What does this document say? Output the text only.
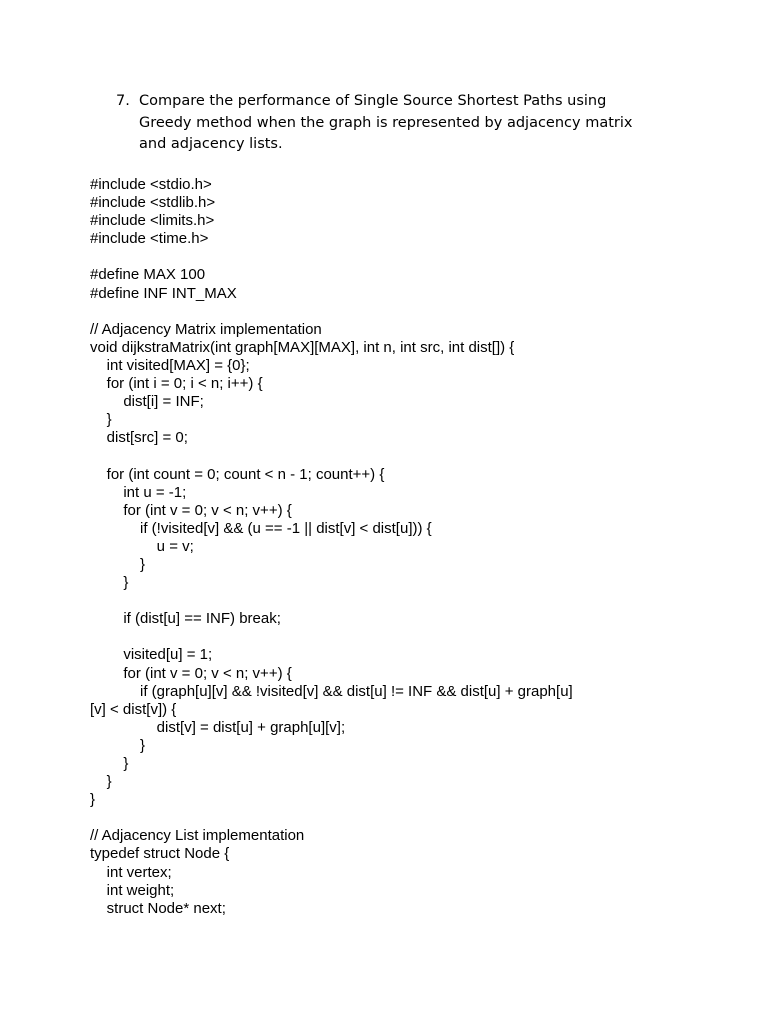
7. Compare the performance of Single Source Shortest Paths using Greedy method when the graph is represented by adjacency matrix and adjacency lists.
#include <stdio.h>
#include <stdlib.h>
#include <limits.h>
#include <time.h>
#define MAX 100
#define INF INT_MAX
// Adjacency Matrix implementation
void dijkstraMatrix(int graph[MAX][MAX], int n, int src, int dist[]) {
int visited[MAX] = {0};
for (int i = 0; i < n; i++) {
dist[i] = INF;
}
dist[src] = 0;
for (int count = 0; count < n - 1; count++) {
int u = -1;
for (int v = 0; v < n; v++) {
if (!visited[v] && (u == -1 || dist[v] < dist[u])) {
u = v;
}
}
if (dist[u] == INF) break;
visited[u] = 1;
for (int v = 0; v < n; v++) {
if (graph[u][v] && !visited[v] && dist[u] != INF && dist[u] + graph[u]
[v] < dist[v]) {
dist[v] = dist[u] + graph[u][v];
}
}
}
}
// Adjacency List implementation
typedef struct Node {
int vertex;
int weight;
struct Node* next;
